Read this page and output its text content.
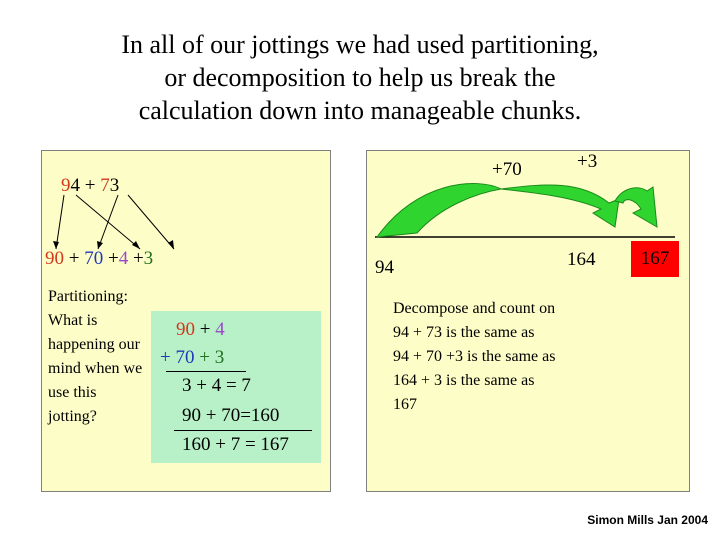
In all of our jottings we had used partitioning,
or decomposition to help us break the
calculation down into manageable chunks.
94 + 73
90 + 70 +4 +3
Partitioning:
What is
happening our
mind when we
use this
jotting?
90 + 4
+ 70 + 3
3 + 4 = 7
90 + 70=160
160 + 7 = 167
+70	+3
94	164	167
Decompose and count on
94 + 73 is the same as
94 + 70 +3 is the same as
164 + 3 is the same as
167
Simon Mills Jan 2004
